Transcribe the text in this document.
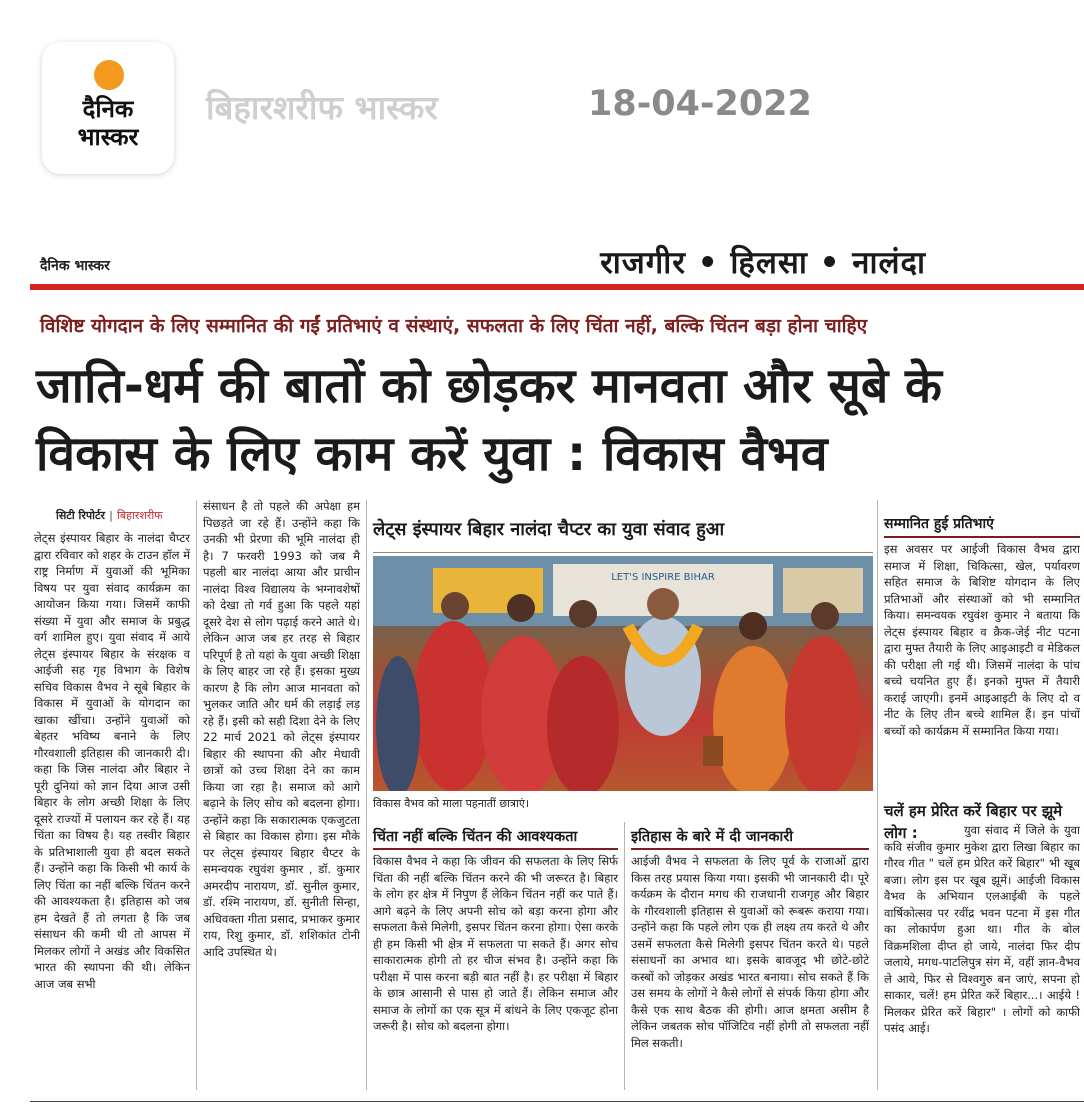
दैनिक
भास्कर
बिहारशरीफ भास्कर	18-04-2022
दैनिक भास्कर	राजगीर • हिलसा • नालंदा
विशिष्ट योगदान के लिए सम्मानित की गईं प्रतिभाएं व संस्थाएं, सफलता के लिए चिंता नहीं, बल्कि चिंतन बड़ा होना चाहिए
जाति-धर्म की बातों को छोड़कर मानवता और सूबे के विकास के लिए काम करें युवा : विकास वैभव
सिटी रिपोर्टर | बिहारशरीफ
लेट्स इंस्पायर बिहार के नालंदा चैप्टर द्वारा रविवार को शहर के टाउन हॉल में राष्ट्र निर्माण में युवाओं की भूमिका विषय पर युवा संवाद कार्यक्रम का आयोजन किया गया। जिसमें काफी संख्या में युवा और समाज के प्रबुद्ध वर्ग शामिल हुए। युवा संवाद में आये लेट्स इंस्पायर बिहार के संरक्षक व आईजी सह गृह विभाग के विशेष सचिव विकास वैभव ने सूबे बिहार के विकास में युवाओं के योगदान का खाका खींचा। उन्होंने युवाओं को बेहतर भविष्य बनाने के लिए गौरवशाली इतिहास की जानकारी दी। कहा कि जिस नालंदा और बिहार ने पूरी दुनियां को ज्ञान दिया आज उसी बिहार के लोग अच्छी शिक्षा के लिए दूसरे राज्यों में पलायन कर रहे हैं। यह चिंता का विषय है। यह तस्वीर बिहार के प्रतिभाशाली युवा ही बदल सकते हैं। उन्होंने कहा कि किसी भी कार्य के लिए चिंता का नहीं बल्कि चिंतन करने की आवश्यकता है। इतिहास को जब हम देखते हैं तो लगता है कि जब संसाधन की कमी थी तो आपस में मिलकर लोगों ने अखंड और विकसित भारत की स्थापना की थी। लेकिन आज जब सभी
संसाधन है तो पहले की अपेक्षा हम पिछड़ते जा रहे हैं। उन्होंने कहा कि उनकी भी प्रेरणा की भूमि नालंदा ही है। 7 फरवरी 1993 को जब मै पहली बार नालंदा आया और प्राचीन नालंदा विश्व विद्यालय के भग्नावशेषों को देखा तो गर्व हुआ कि पहले यहां दूसरे देश से लोग पढ़ाई करने आते थे। लेकिन आज जब हर तरह से बिहार परिपूर्ण है तो यहां के युवा अच्छी शिक्षा के लिए बाहर जा रहे हैं। इसका मुख्य कारण है कि लोग आज मानवता को भुलकर जाति और धर्म की लड़ाई लड़ रहे हैं। इसी को सही दिशा देने के लिए 22 मार्च 2021 को लेट्स इंस्पायर बिहार की स्थापना की और मेधावी छात्रों को उच्च शिक्षा देने का काम किया जा रहा है। समाज को आगे बढ़ाने के लिए सोच को बदलना होगा। उन्होंने कहा कि सकारात्मक एकजुटता से बिहार का विकास होगा। इस मौके पर लेट्स इंस्पायर बिहार चैप्टर के समन्वयक रघुवंश कुमार , डॉ. कुमार अमरदीप नारायण, डॉ. सुनील कुमार, डॉ. रश्मि नारायण, डॉ. सुनीती सिन्हा, अधिवक्ता गीता प्रसाद, प्रभाकर कुमार राय, रिशु कुमार, डॉ. शशिकांत टोनी आदि उपस्थित थे।
लेट्स इंस्पायर बिहार नालंदा चैप्टर का युवा संवाद हुआ
LET'S INSPIRE BIHAR
विकास वैभव को माला पहनातीं छात्राएं।
चिंता नहीं बल्कि चिंतन की आवश्यकता
विकास वैभव ने कहा कि जीवन की सफलता के लिए सिर्फ चिंता की नहीं बल्कि चिंतन करने की भी जरूरत है। बिहार के लोग हर क्षेत्र में निपुण हैं लेकिन चिंतन नहीं कर पाते हैं। आगे बढ़ने के लिए अपनी सोच को बड़ा करना होगा और सफलता कैसे मिलेगी, इसपर चिंतन करना होगा। ऐसा करके ही हम किसी भी क्षेत्र में सफलता पा सकते हैं। अगर सोच साकारात्मक होगी तो हर चीज संभव है। उन्होंने कहा कि परीक्षा में पास करना बड़ी बात नहीं है। हर परीक्षा में बिहार के छात्र आसानी से पास हो जाते हैं। लेकिन समाज और समाज के लोगों का एक सूत्र में बांधने के लिए एकजूट होना जरूरी है। सोच को बदलना होगा।
इतिहास के बारे में दी जानकारी
आईजी वैभव ने सफलता के लिए पूर्व के राजाओं द्वारा किस तरह प्रयास किया गया। इसकी भी जानकारी दी। पूरे कर्यक्रम के दौरान मगध की राजधानी राजगृह और बिहार के गौरवशाली इतिहास से युवाओं को रूबरू कराया गया। उन्होंने कहा कि पहले लोग एक ही लक्ष्य तय करते थे और उसमें सफलता कैसे मिलेगी इसपर चिंतन करते थे। पहले संसाधनों का अभाव था। इसके बावजूद भी छोटे-छोटे कस्बों को जोड़कर अखंड भारत बनाया। सोच सकते हैं कि उस समय के लोगों ने कैसे लोगों से संपर्क किया होगा और कैसे एक साथ बैठक की होगी। आज क्षमता असीम है लेकिन जबतक सोच पॉजिटिव नहीं होगी तो सफलता नहीं मिल सकती।
सम्मानित हुई प्रतिभाएं
इस अवसर पर आईजी विकास वैभव द्वारा समाज में शिक्षा, चिकित्सा, खेल, पर्यावरण सहित समाज के बिशिष्ट योगदान के लिए प्रतिभाओं और संस्थाओं को भी सम्मानित किया। समन्वयक रघुवंश कुमार ने बताया कि लेट्स इंस्पायर बिहार व क्रैक-जेई नीट पटना द्वारा मुफ्त तैयारी के लिए आइआइटी व मेडिकल की परीक्षा ली गई थी। जिसमें नालंदा के पांच बच्चे चयनित हुए हैं। इनको मुफ्त में तैयारी कराई जाएगी। इनमें आइआइटी के लिए दो व नीट के लिए तीन बच्चे शामिल हैं। इन पांचों बच्चों को कार्यक्रम में सम्मानित किया गया।
चलें हम प्रेरित करें बिहार पर झूमे लोग :	युवा संवाद में जिले के युवा कवि संजीव कुमार मुकेश द्वारा लिखा बिहार का गौरव गीत " चलें हम प्रेरित करें बिहार" भी खूब बजा। लोग इस पर खूब झूमें। आईजी विकास वैभव के अभियान एलआईबी के पहले वार्षिकोत्सव पर रवींद्र भवन पटना में इस गीत का लोकार्पण हुआ था। गीत के बोल विक्रमशिला दीप्त हो जाये, नालंदा फिर दीप जलाये, मगध-पाटलिपुत्र संग में, वहीं ज्ञान-वैभव ले आये, फिर से विश्वगुरु बन जाएं, सपना हो साकार, चलें! हम प्रेरित करें बिहार...। आईये ! मिलकर प्रेरित करें बिहार" । लोगों को काफी पसंद आई।
